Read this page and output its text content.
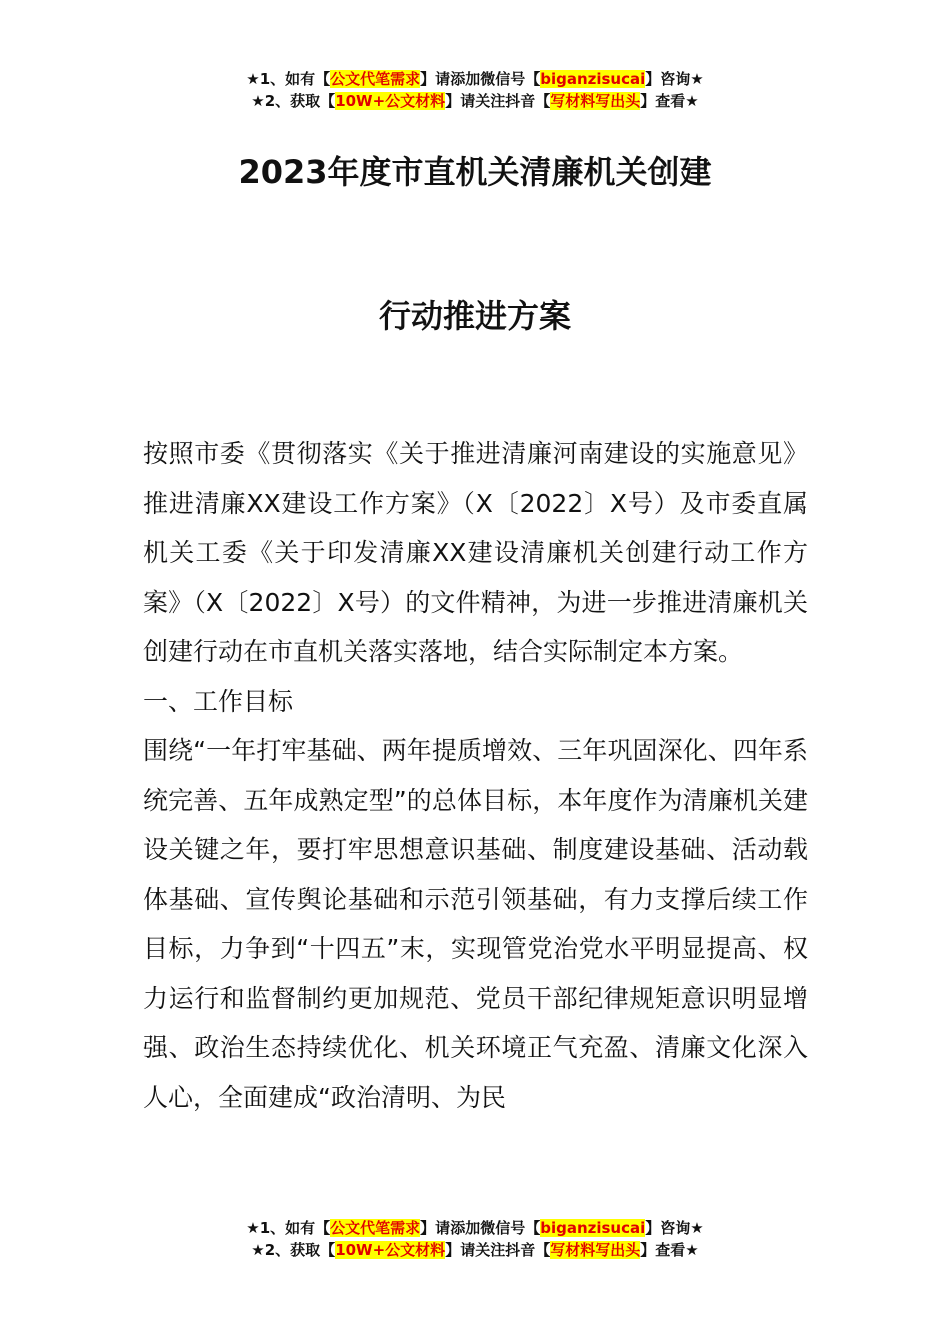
★1、如有【公文代笔需求】请添加微信号【biganzisucai】咨询★
★2、获取【10W+公文材料】请关注抖音【写材料写出头】查看★
2023年度市直机关清廉机关创建
行动推进方案

按照市委《贯彻落实《关于推进清廉河南建设的实施意见》推进清廉XX建设工作方案》（X〔2022〕X号）及市委直属机关工委《关于印发清廉XX建设清廉机关创建行动工作方案》（X〔2022〕X号）的文件精神，为进一步推进清廉机关创建行动在市直机关落实落地，结合实际制定本方案。

一、工作目标

围绕“一年打牢基础、两年提质增效、三年巩固深化、四年系统完善、五年成熟定型”的总体目标，本年度作为清廉机关建设关键之年，要打牢思想意识基础、制度建设基础、活动载体基础、宣传舆论基础和示范引领基础，有力支撑后续工作目标，力争到“十四五”末，实现管党治党水平明显提高、权力运行和监督制约更加规范、党员干部纪律规矩意识明显增强、政治生态持续优化、机关环境正气充盈、清廉文化深入人心，全面建成“政治清明、为民

★1、如有【公文代笔需求】请添加微信号【biganzisucai】咨询★
★2、获取【10W+公文材料】请关注抖音【写材料写出头】查看★
